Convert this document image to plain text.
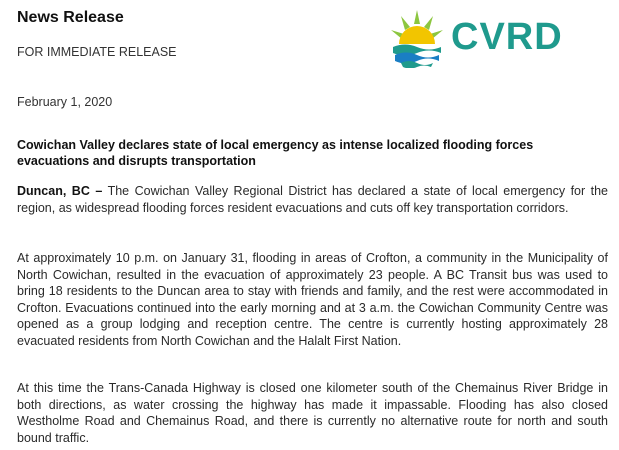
News Release
FOR IMMEDIATE RELEASE	CVRD
February 1, 2020
Cowichan Valley declares state of local emergency as intense localized flooding forces evacuations and disrupts transportation

Duncan, BC – The Cowichan Valley Regional District has declared a state of local emergency for the region, as widespread flooding forces resident evacuations and cuts off key transportation corridors.

At approximately 10 p.m. on January 31, flooding in areas of Crofton, a community in the Municipality of North Cowichan, resulted in the evacuation of approximately 23 people. A BC Transit bus was used to bring 18 residents to the Duncan area to stay with friends and family, and the rest were accommodated in Crofton. Evacuations continued into the early morning and at 3 a.m. the Cowichan Community Centre was opened as a group lodging and reception centre. The centre is currently hosting approximately 28 evacuated residents from North Cowichan and the Halalt First Nation.

At this time the Trans-Canada Highway is closed one kilometer south of the Chemainus River Bridge in both directions, as water crossing the highway has made it impassable. Flooding has also closed Westholme Road and Chemainus Road, and there is currently no alternative route for north and south bound traffic.
